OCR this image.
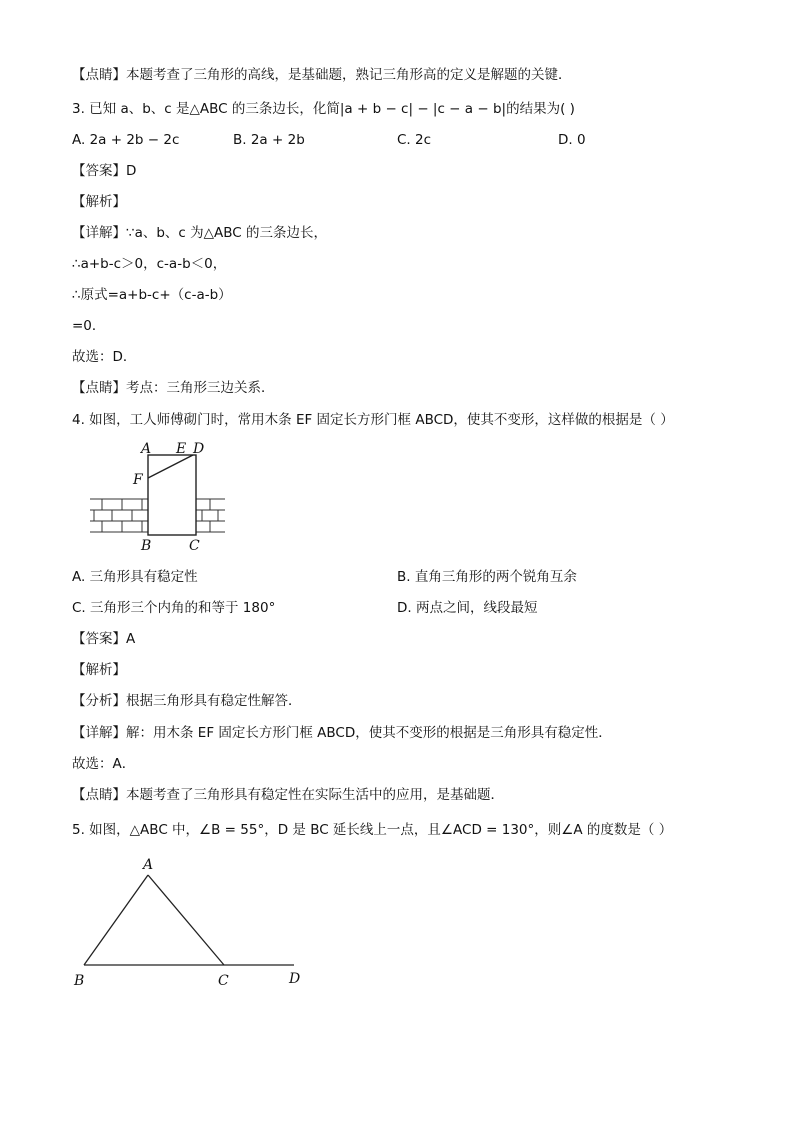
【点睛】本题考查了三角形的高线，是基础题，熟记三角形高的定义是解题的关键．
3. 已知 a、b、c 是△ABC 的三条边长，化简|a + b − c| − |c − a − b|的结果为( )
A. 2a + 2b − 2c	B. 2a + 2b	C. 2c	D. 0
【答案】D
【解析】
【详解】∵a、b、c 为△ABC 的三条边长，
∴a+b-c＞0，c-a-b＜0，
∴原式=a+b-c+（c-a-b）
=0．
故选：D．
【点睛】考点：三角形三边关系．
4. 如图，工人师傅砌门时，常用木条 EF 固定长方形门框 ABCD，使其不变形，这样做的根据是（ ）
A E D
F
B	C
A. 三角形具有稳定性	B. 直角三角形的两个锐角互余
C. 三角形三个内角的和等于 180°	D. 两点之间，线段最短
【答案】A
【解析】
【分析】根据三角形具有稳定性解答．
【详解】解：用木条 EF 固定长方形门框 ABCD，使其不变形的根据是三角形具有稳定性．
故选：A．
【点睛】本题考查了三角形具有稳定性在实际生活中的应用，是基础题．
5. 如图，△ABC 中，∠B = 55°，D 是 BC 延长线上一点，且∠ACD = 130°，则∠A 的度数是（ ）
A
B	C	D
